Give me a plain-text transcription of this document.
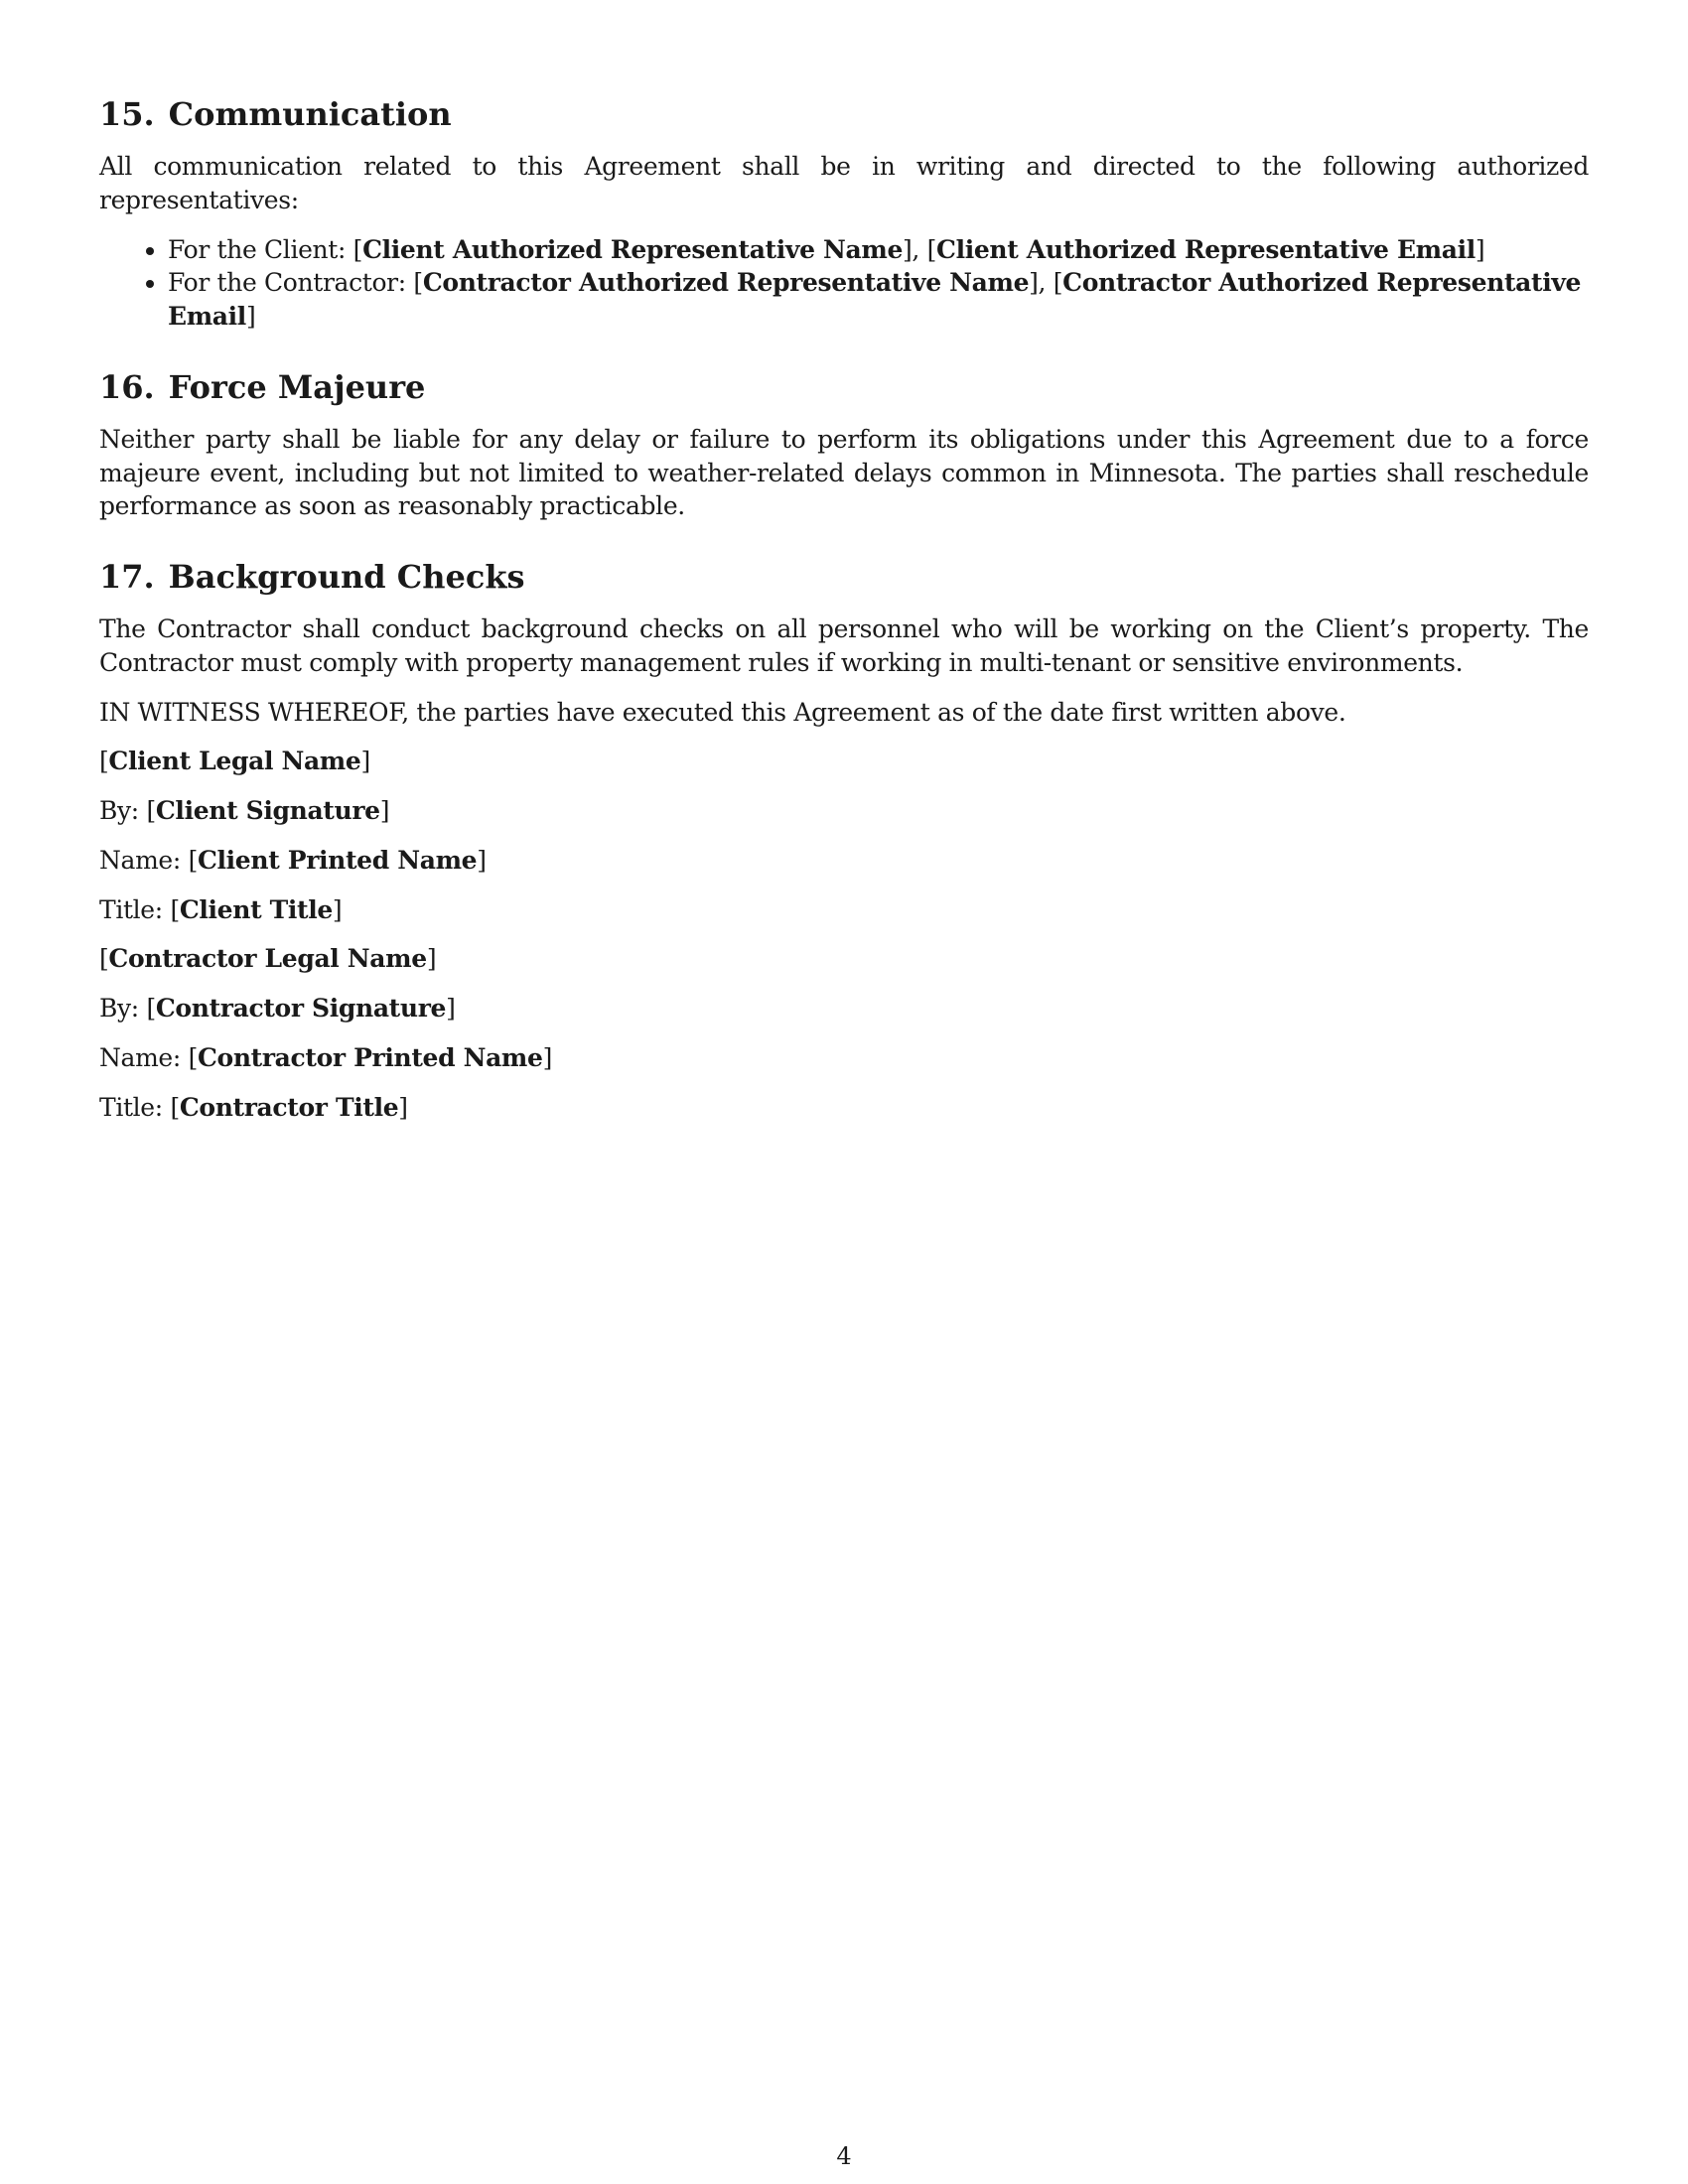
15. Communication

All communication related to this Agreement shall be in writing and directed to the following authorized representatives:

• For the Client: [Client Authorized Representative Name], [Client Authorized Representative Email]
• For the Contractor: [Contractor Authorized Representative Name], [Contractor Authorized Representative Email]
16. Force Majeure

Neither party shall be liable for any delay or failure to perform its obligations under this Agreement due to a force majeure event, including but not limited to weather-related delays common in Minnesota. The parties shall reschedule performance as soon as reasonably practicable.

17. Background Checks

The Contractor shall conduct background checks on all personnel who will be working on the Client’s property. The Contractor must comply with property management rules if working in multi-tenant or sensitive environments.

IN WITNESS WHEREOF, the parties have executed this Agreement as of the date first written above.

[Client Legal Name]
By: [Client Signature]
Name: [Client Printed Name]
Title: [Client Title]
[Contractor Legal Name]
By: [Contractor Signature]
Name: [Contractor Printed Name]
Title: [Contractor Title]
4
